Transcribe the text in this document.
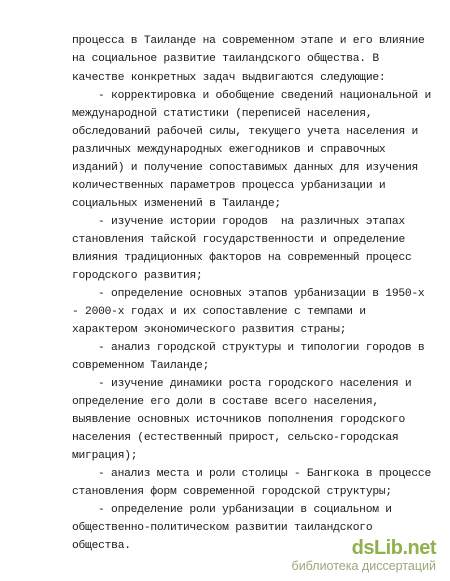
процесса в Таиланде на современном этапе и его влияние
на социальное развитие таиландского общества. В
качестве конкретных задач выдвигаются следующие:
- корректировка и обобщение сведений национальной и
международной статистики (переписей населения,
обследований рабочей силы, текущего учета населения и
различных международных ежегодников и справочных
изданий) и получение сопоставимых данных для изучения
количественных параметров процесса урбанизации и
социальных изменений в Таиланде;
- изучение истории городов  на различных этапах
становления тайской государственности и определение
влияния традиционных факторов на современный процесс
городского развития;
- определение основных этапов урбанизации в 1950-х
- 2000-х годах и их сопоставление с темпами и
характером экономического развития страны;
- анализ городской структуры и типологии городов в
современном Таиланде;
- изучение динамики роста городского населения и
определение его доли в составе всего населения,
выявление основных источников пополнения городского
населения (естественный прирост, сельско-городская
миграция);
- анализ места и роли столицы - Бангкока в процессе
становления форм современной городской структуры;
- определение роли урбанизации в социальном и
общественно-политическом развитии таиландского
общества.	dsLib.net
библиотека диссертаций
